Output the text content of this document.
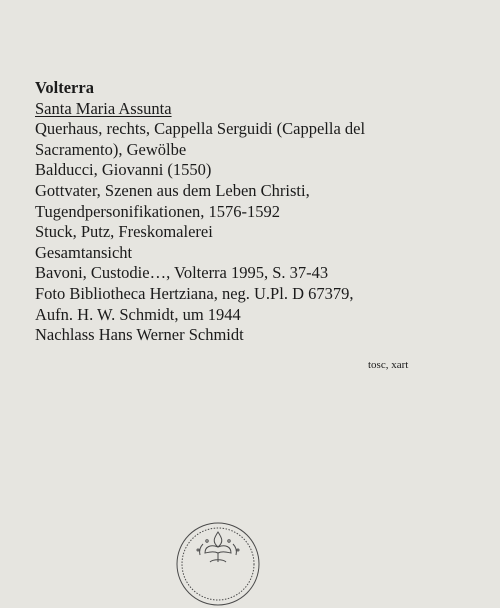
Volterra
Santa Maria Assunta
Querhaus, rechts, Cappella Serguidi (Cappella del
Sacramento), Gewölbe
Balducci, Giovanni (1550)
Gottvater, Szenen aus dem Leben Christi,
Tugendpersonifikationen, 1576-1592
Stuck, Putz, Freskomalerei
Gesamtansicht
Bavoni, Custodie…, Volterra 1995, S. 37-43
Foto Bibliotheca Hertziana, neg. U.Pl. D 67379,
Aufn. H. W. Schmidt, um 1944
Nachlass Hans Werner Schmidt
tosc, xart
